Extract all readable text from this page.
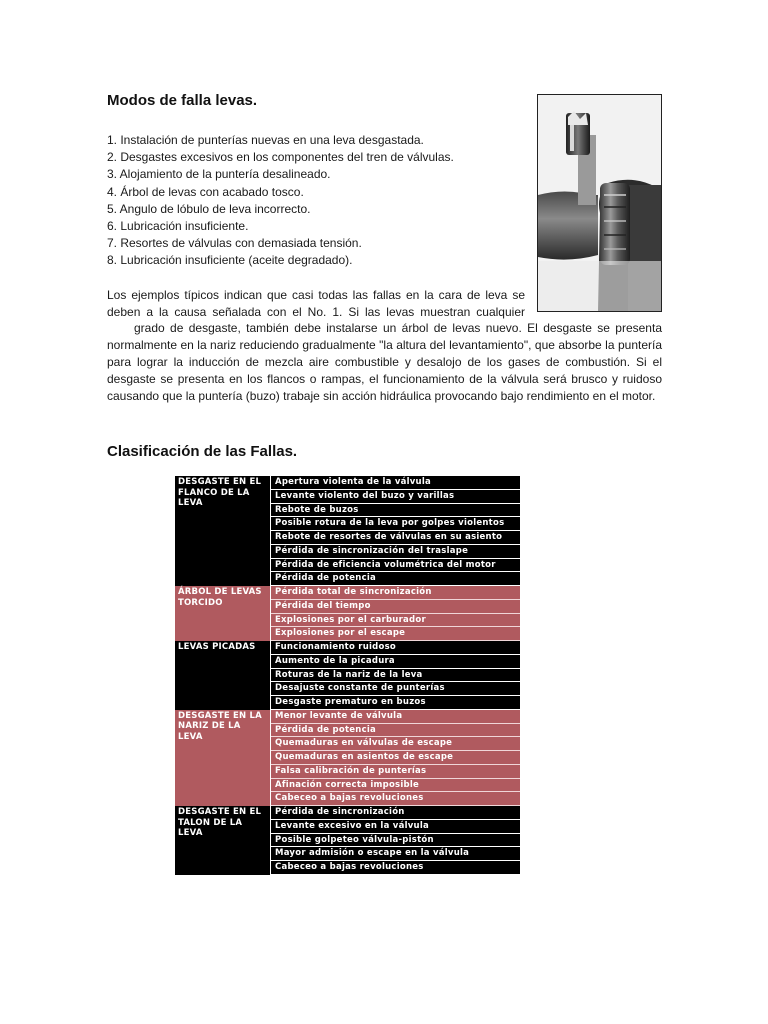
Modos de falla levas.
1. Instalación de punterías nuevas en una leva desgastada.
2. Desgastes excesivos en los componentes del tren de válvulas.
3. Alojamiento de la puntería desalineado.
4. Árbol de levas con acabado tosco.
5. Angulo de lóbulo de leva incorrecto.
6. Lubricación insuficiente.
7. Resortes de válvulas con demasiada tensión.
8. Lubricación insuficiente (aceite degradado).

Los ejemplos típicos indican que casi todas las fallas en la cara de leva se deben a la causa señalada con el No. 1. Si las levas muestran cualquier

grado de desgaste, también debe instalarse un árbol de levas nuevo. El desgaste se presenta normalmente en la nariz reduciendo gradualmente "la altura del levantamiento", que absorbe la puntería para lograr la inducción de mezcla aire combustible y desalojo de los gases de combustión. Si el desgaste se presenta en los flancos o rampas, el funcionamiento de la válvula será brusco y ruidoso causando que la puntería (buzo) trabaje sin acción hidráulica provocando bajo rendimiento en el motor.

Clasificación de las Fallas.
DESGASTE EN EL FLANCO DE LA LEVA
Apertura violenta de la válvula
Levante violento del buzo y varillas
Rebote de buzos
Posible rotura de la leva por golpes violentos
Rebote de resortes de válvulas en su asiento
Pérdida de sincronización del traslape
Pérdida de eficiencia volumétrica del motor
Pérdida de potencia
ÁRBOL DE LEVAS TORCIDO
Pérdida total de sincronización
Pérdida del tiempo
Explosiones por el carburador
Explosiones por el escape
LEVAS PICADAS	Funcionamiento ruidoso
Aumento de la picadura
Roturas de la nariz de la leva
Desajuste constante de punterías
Desgaste prematuro en buzos
DESGASTE EN LA NARIZ DE LA LEVA
Menor levante de válvula
Pérdida de potencia
Quemaduras en válvulas de escape
Quemaduras en asientos de escape
Falsa calibración de punterías
Afinación correcta imposible
Cabeceo a bajas revoluciones
DESGASTE EN EL TALON DE LA LEVA
Pérdida de sincronización
Levante excesivo en la válvula
Posible golpeteo válvula-pistón
Mayor admisión o escape en la válvula
Cabeceo a bajas revoluciones
